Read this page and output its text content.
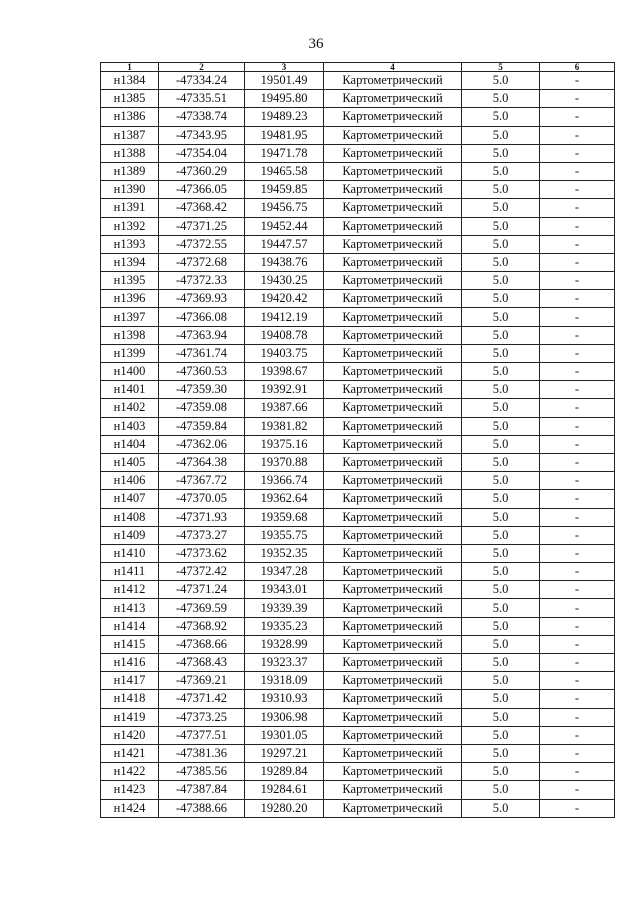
36
1	2	3	4	5	6
н1384	-47334.24	19501.49	Картометрический	5.0	-
н1385	-47335.51	19495.80	Картометрический	5.0	-
н1386	-47338.74	19489.23	Картометрический	5.0	-
н1387	-47343.95	19481.95	Картометрический	5.0	-
н1388	-47354.04	19471.78	Картометрический	5.0	-
н1389	-47360.29	19465.58	Картометрический	5.0	-
н1390	-47366.05	19459.85	Картометрический	5.0	-
н1391	-47368.42	19456.75	Картометрический	5.0	-
н1392	-47371.25	19452.44	Картометрический	5.0	-
н1393	-47372.55	19447.57	Картометрический	5.0	-
н1394	-47372.68	19438.76	Картометрический	5.0	-
н1395	-47372.33	19430.25	Картометрический	5.0	-
н1396	-47369.93	19420.42	Картометрический	5.0	-
н1397	-47366.08	19412.19	Картометрический	5.0	-
н1398	-47363.94	19408.78	Картометрический	5.0	-
н1399	-47361.74	19403.75	Картометрический	5.0	-
н1400	-47360.53	19398.67	Картометрический	5.0	-
н1401	-47359.30	19392.91	Картометрический	5.0	-
н1402	-47359.08	19387.66	Картометрический	5.0	-
н1403	-47359.84	19381.82	Картометрический	5.0	-
н1404	-47362.06	19375.16	Картометрический	5.0	-
н1405	-47364.38	19370.88	Картометрический	5.0	-
н1406	-47367.72	19366.74	Картометрический	5.0	-
н1407	-47370.05	19362.64	Картометрический	5.0	-
н1408	-47371.93	19359.68	Картометрический	5.0	-
н1409	-47373.27	19355.75	Картометрический	5.0	-
н1410	-47373.62	19352.35	Картометрический	5.0	-
н1411	-47372.42	19347.28	Картометрический	5.0	-
н1412	-47371.24	19343.01	Картометрический	5.0	-
н1413	-47369.59	19339.39	Картометрический	5.0	-
н1414	-47368.92	19335.23	Картометрический	5.0	-
н1415	-47368.66	19328.99	Картометрический	5.0	-
н1416	-47368.43	19323.37	Картометрический	5.0	-
н1417	-47369.21	19318.09	Картометрический	5.0	-
н1418	-47371.42	19310.93	Картометрический	5.0	-
н1419	-47373.25	19306.98	Картометрический	5.0	-
н1420	-47377.51	19301.05	Картометрический	5.0	-
н1421	-47381.36	19297.21	Картометрический	5.0	-
н1422	-47385.56	19289.84	Картометрический	5.0	-
н1423	-47387.84	19284.61	Картометрический	5.0	-
н1424	-47388.66	19280.20	Картометрический	5.0	-
